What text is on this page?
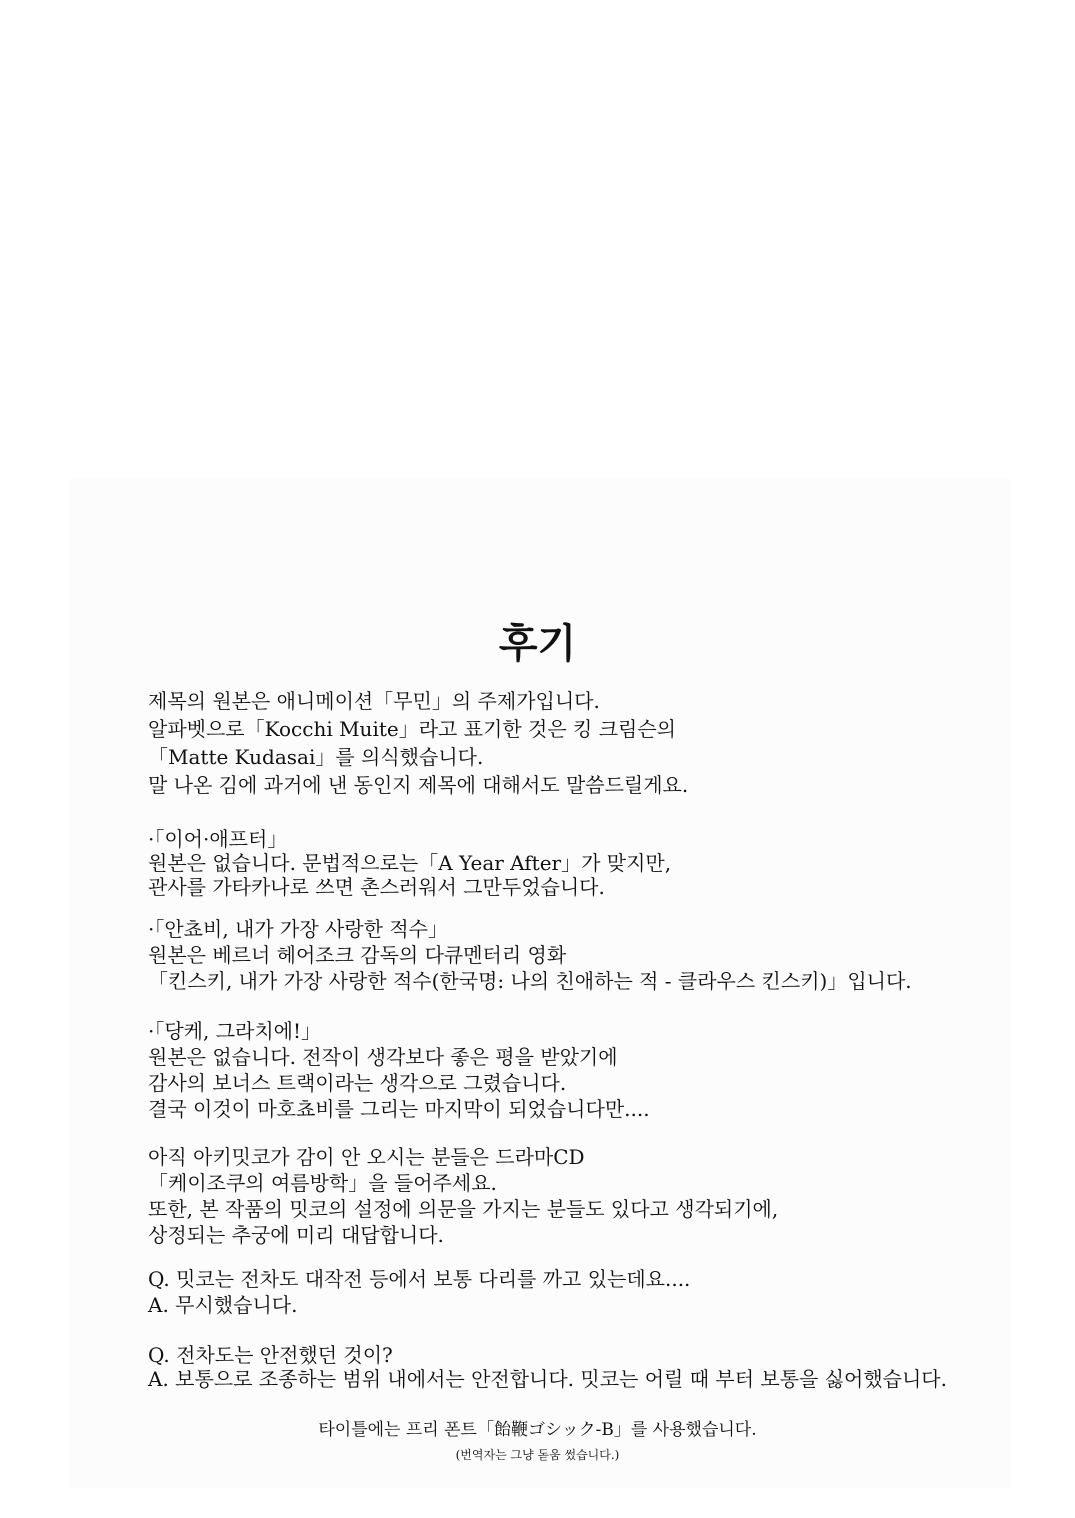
후기

제목의 원본은 애니메이션「무민」의 주제가입니다.

알파벳으로「Kocchi Muite」라고 표기한 것은 킹 크림슨의

「Matte Kudasai」를 의식했습니다.

말 나온 김에 과거에 낸 동인지 제목에 대해서도 말씀드릴게요.

·「이어·애프터」

원본은 없습니다. 문법적으로는「A Year After」가 맞지만,

관사를 가타카나로 쓰면 촌스러워서 그만두었습니다.

·「안쵸비, 내가 가장 사랑한 적수」

원본은 베르너 헤어조크 감독의 다큐멘터리 영화

「킨스키, 내가 가장 사랑한 적수(한국명: 나의 친애하는 적 - 클라우스 킨스키)」입니다.

·「당케, 그라치에!」

원본은 없습니다. 전작이 생각보다 좋은 평을 받았기에

감사의 보너스 트랙이라는 생각으로 그렸습니다.

결국 이것이 마호쵸비를 그리는 마지막이 되었습니다만....

아직 아키밋코가 감이 안 오시는 분들은 드라마CD

「케이조쿠의 여름방학」을 들어주세요.

또한, 본 작품의 밋코의 설정에 의문을 가지는 분들도 있다고 생각되기에,

상정되는 추궁에 미리 대답합니다.

Q. 밋코는 전차도 대작전 등에서 보통 다리를 까고 있는데요....

A. 무시했습니다.

Q. 전차도는 안전했던 것이?

A. 보통으로 조종하는 범위 내에서는 안전합니다. 밋코는 어릴 때 부터 보통을 싫어했습니다.

타이틀에는 프리 폰트「飴鞭ゴシック-B」를 사용했습니다.

(번역자는 그냥 돋움 썼습니다.)
